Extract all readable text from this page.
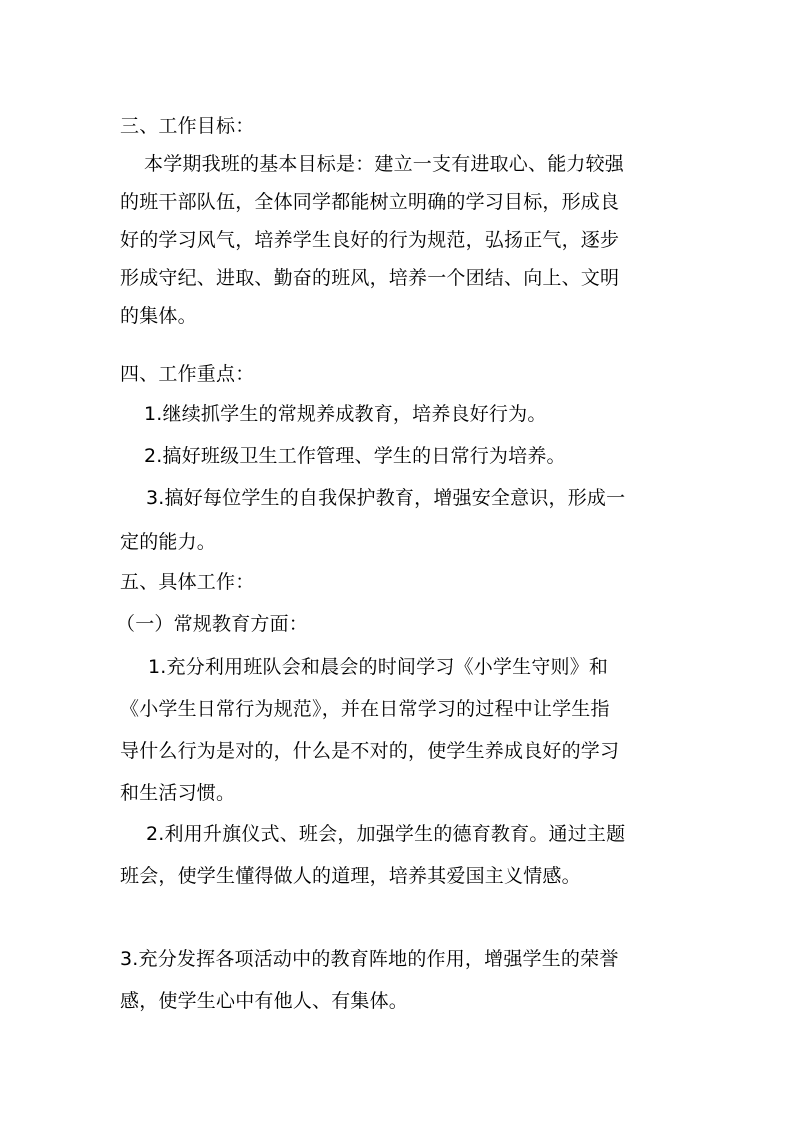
三、工作目标：
本学期我班的基本目标是：建立一支有进取心、能力较强
的班干部队伍，全体同学都能树立明确的学习目标，形成良
好的学习风气，培养学生良好的行为规范，弘扬正气，逐步
形成守纪、进取、勤奋的班风，培养一个团结、向上、文明
的集体。
四、工作重点：
1.继续抓学生的常规养成教育，培养良好行为。
2.搞好班级卫生工作管理、学生的日常行为培养。
3.搞好每位学生的自我保护教育，增强安全意识，形成一
定的能力。
五、具体工作：
（一）常规教育方面：
1.充分利用班队会和晨会的时间学习《小学生守则》和
《小学生日常行为规范》，并在日常学习的过程中让学生指
导什么行为是对的，什么是不对的，使学生养成良好的学习
和生活习惯。
2.利用升旗仪式、班会，加强学生的德育教育。通过主题
班会，使学生懂得做人的道理，培养其爱国主义情感。
3.充分发挥各项活动中的教育阵地的作用，增强学生的荣誉
感，使学生心中有他人、有集体。
